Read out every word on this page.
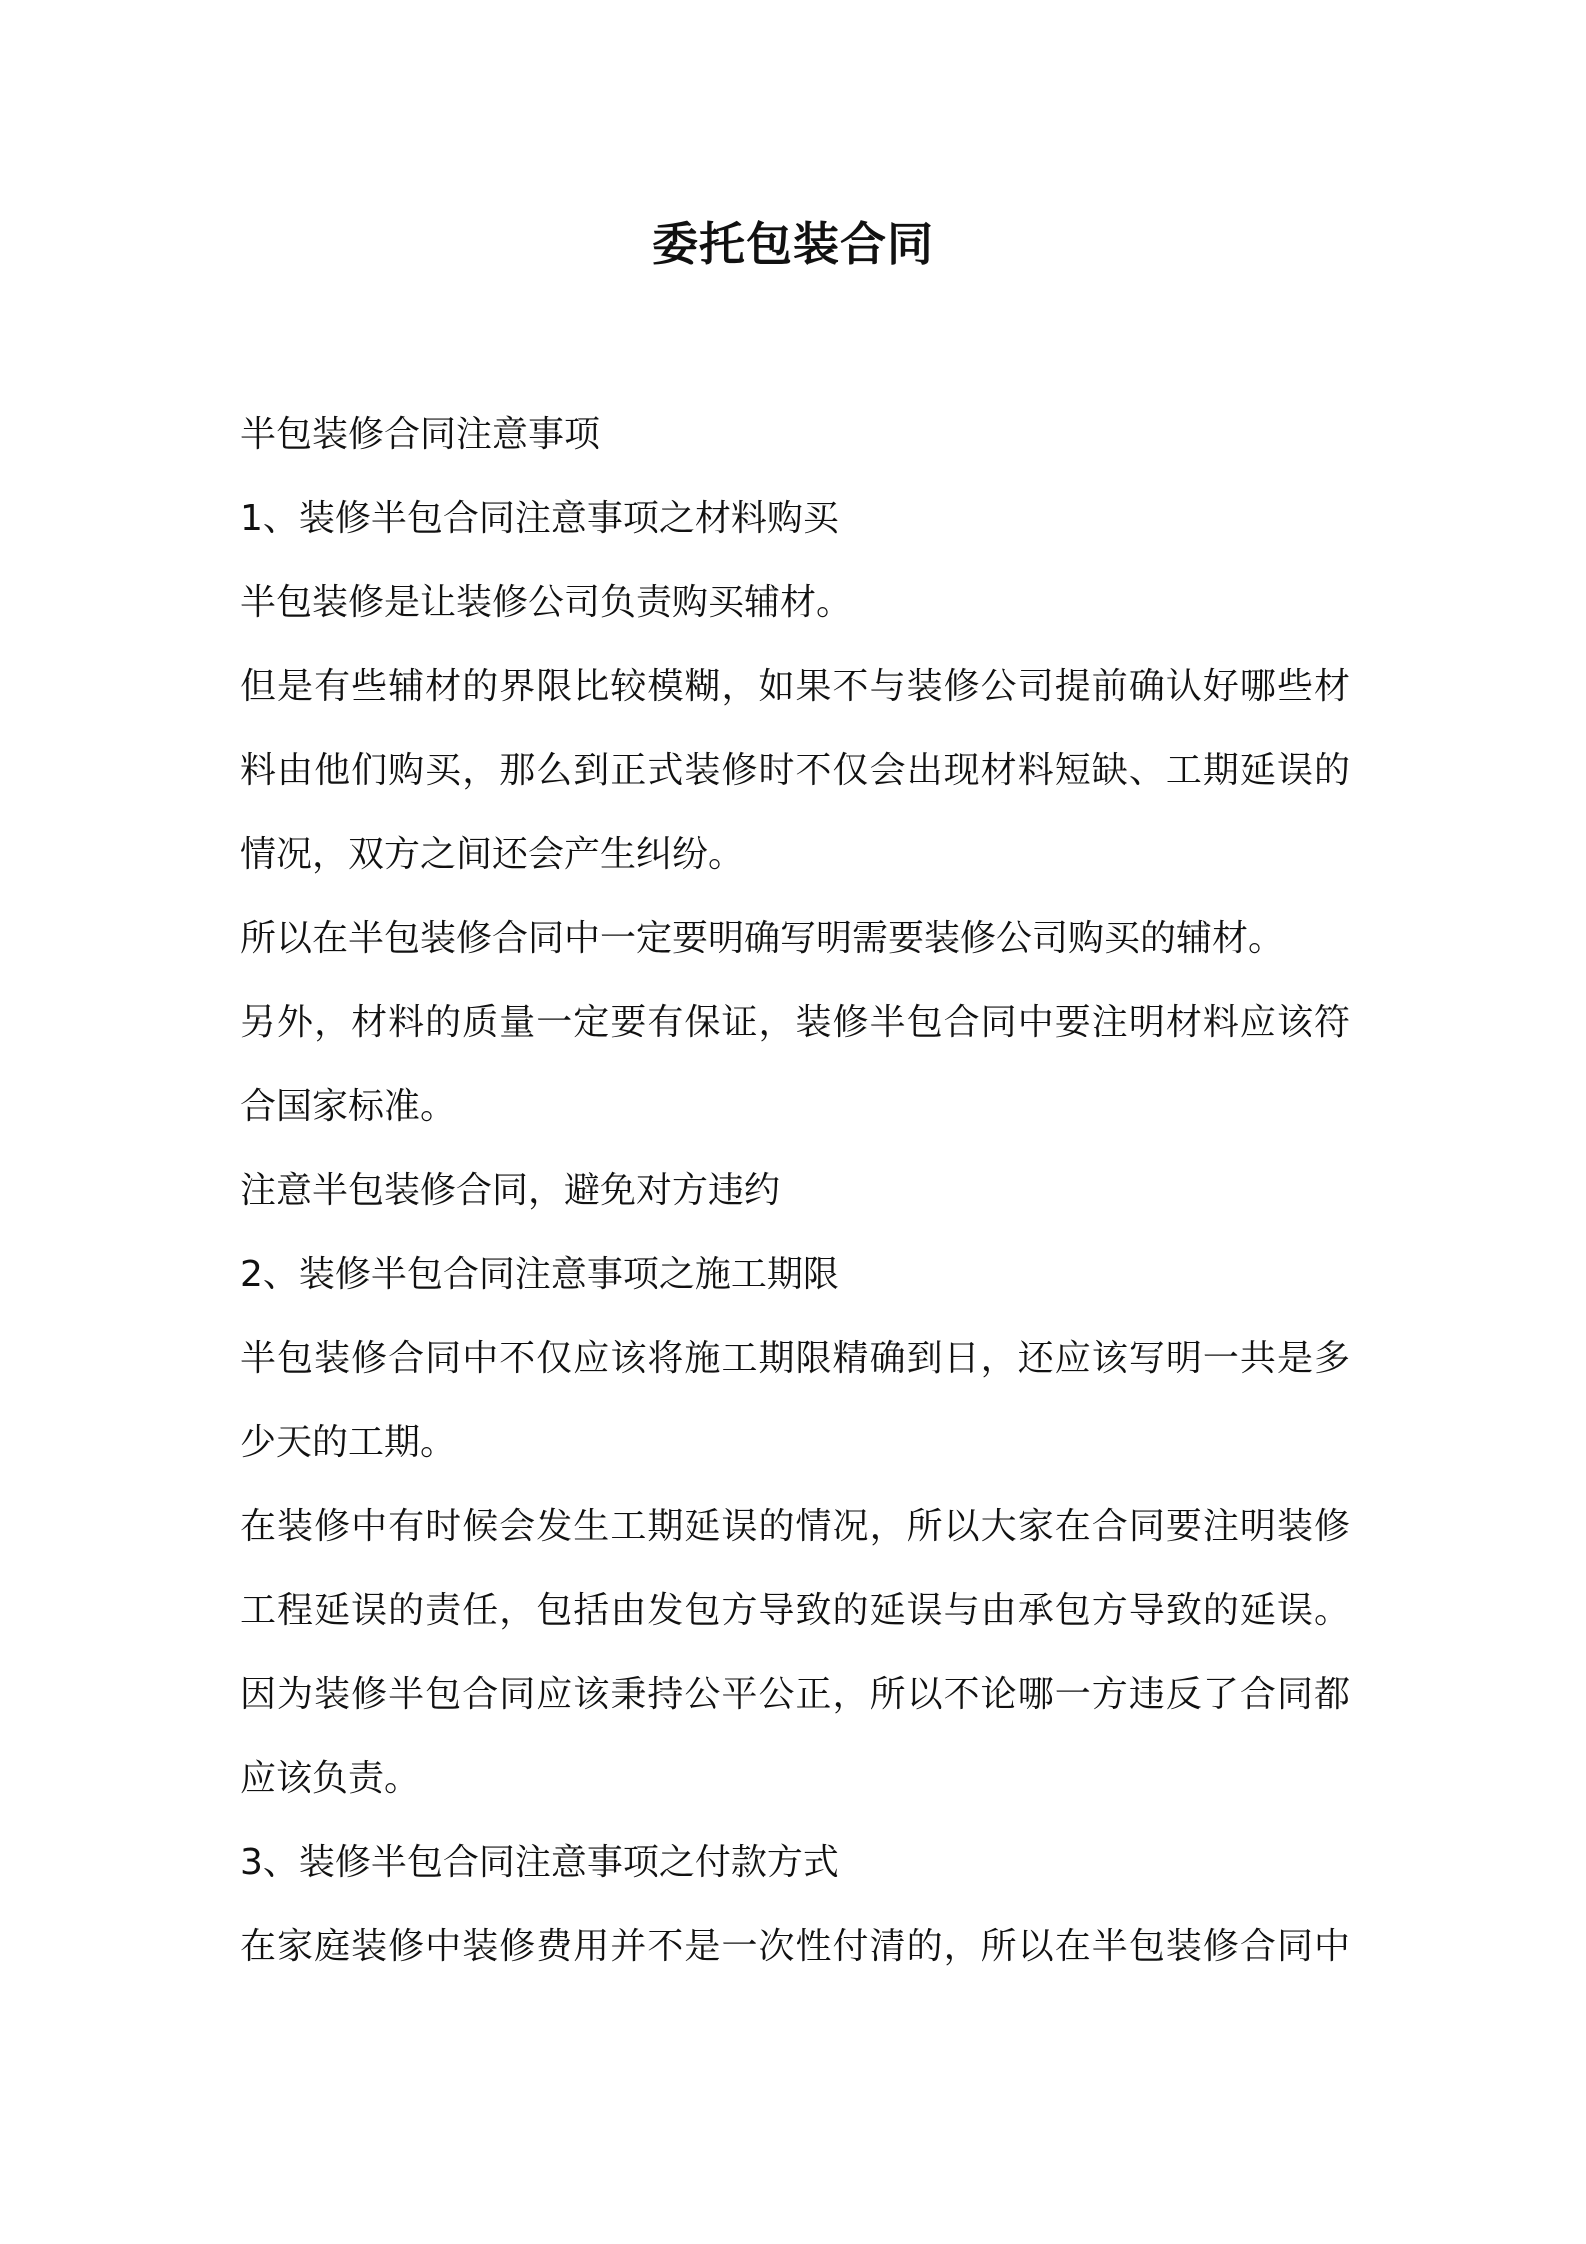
委托包装合同

半包装修合同注意事项

1、装修半包合同注意事项之材料购买

半包装修是让装修公司负责购买辅材。

但是有些辅材的界限比较模糊，如果不与装修公司提前确认好哪些材

料由他们购买，那么到正式装修时不仅会出现材料短缺、工期延误的

情况，双方之间还会产生纠纷。

所以在半包装修合同中一定要明确写明需要装修公司购买的辅材。

另外，材料的质量一定要有保证，装修半包合同中要注明材料应该符

合国家标准。

注意半包装修合同，避免对方违约

2、装修半包合同注意事项之施工期限

半包装修合同中不仅应该将施工期限精确到日，还应该写明一共是多

少天的工期。

在装修中有时候会发生工期延误的情况，所以大家在合同要注明装修

工程延误的责任，包括由发包方导致的延误与由承包方导致的延误。

因为装修半包合同应该秉持公平公正，所以不论哪一方违反了合同都

应该负责。

3、装修半包合同注意事项之付款方式

在家庭装修中装修费用并不是一次性付清的，所以在半包装修合同中
